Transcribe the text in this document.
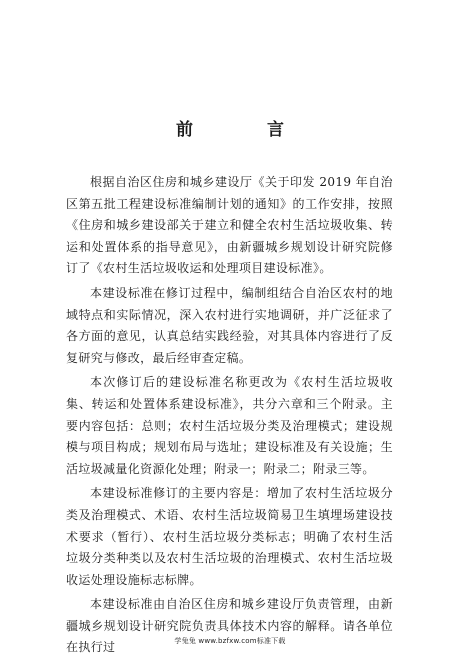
前 言

根据自治区住房和城乡建设厅《关于印发 2019 年自治区第五批工程建设标准编制计划的通知》的工作安排，按照《住房和城乡建设部关于建立和健全农村生活垃圾收集、转运和处置体系的指导意见》，由新疆城乡规划设计研究院修订了《农村生活垃圾收运和处理项目建设标准》。

本建设标准在修订过程中，编制组结合自治区农村的地域特点和实际情况，深入农村进行实地调研，并广泛征求了各方面的意见，认真总结实践经验，对其具体内容进行了反复研究与修改，最后经审查定稿。

本次修订后的建设标准名称更改为《农村生活垃圾收集、转运和处置体系建设标准》，共分六章和三个附录。主要内容包括：总则；农村生活垃圾分类及治理模式；建设规模与项目构成；规划布局与选址；建设标准及有关设施；生活垃圾减量化资源化处理；附录一；附录二；附录三等。

本建设标准修订的主要内容是：增加了农村生活垃圾分类及治理模式、术语、农村生活垃圾简易卫生填埋场建设技术要求（暂行）、农村生活垃圾分类标志；明确了农村生活垃圾分类种类以及农村生活垃圾的治理模式、农村生活垃圾收运处理设施标志标牌。

本建设标准由自治区住房和城乡建设厅负责管理，由新疆城乡规划设计研究院负责具体技术内容的解释。请各单位在执行过	学兔兔 www.bzfxw.com标准下载
